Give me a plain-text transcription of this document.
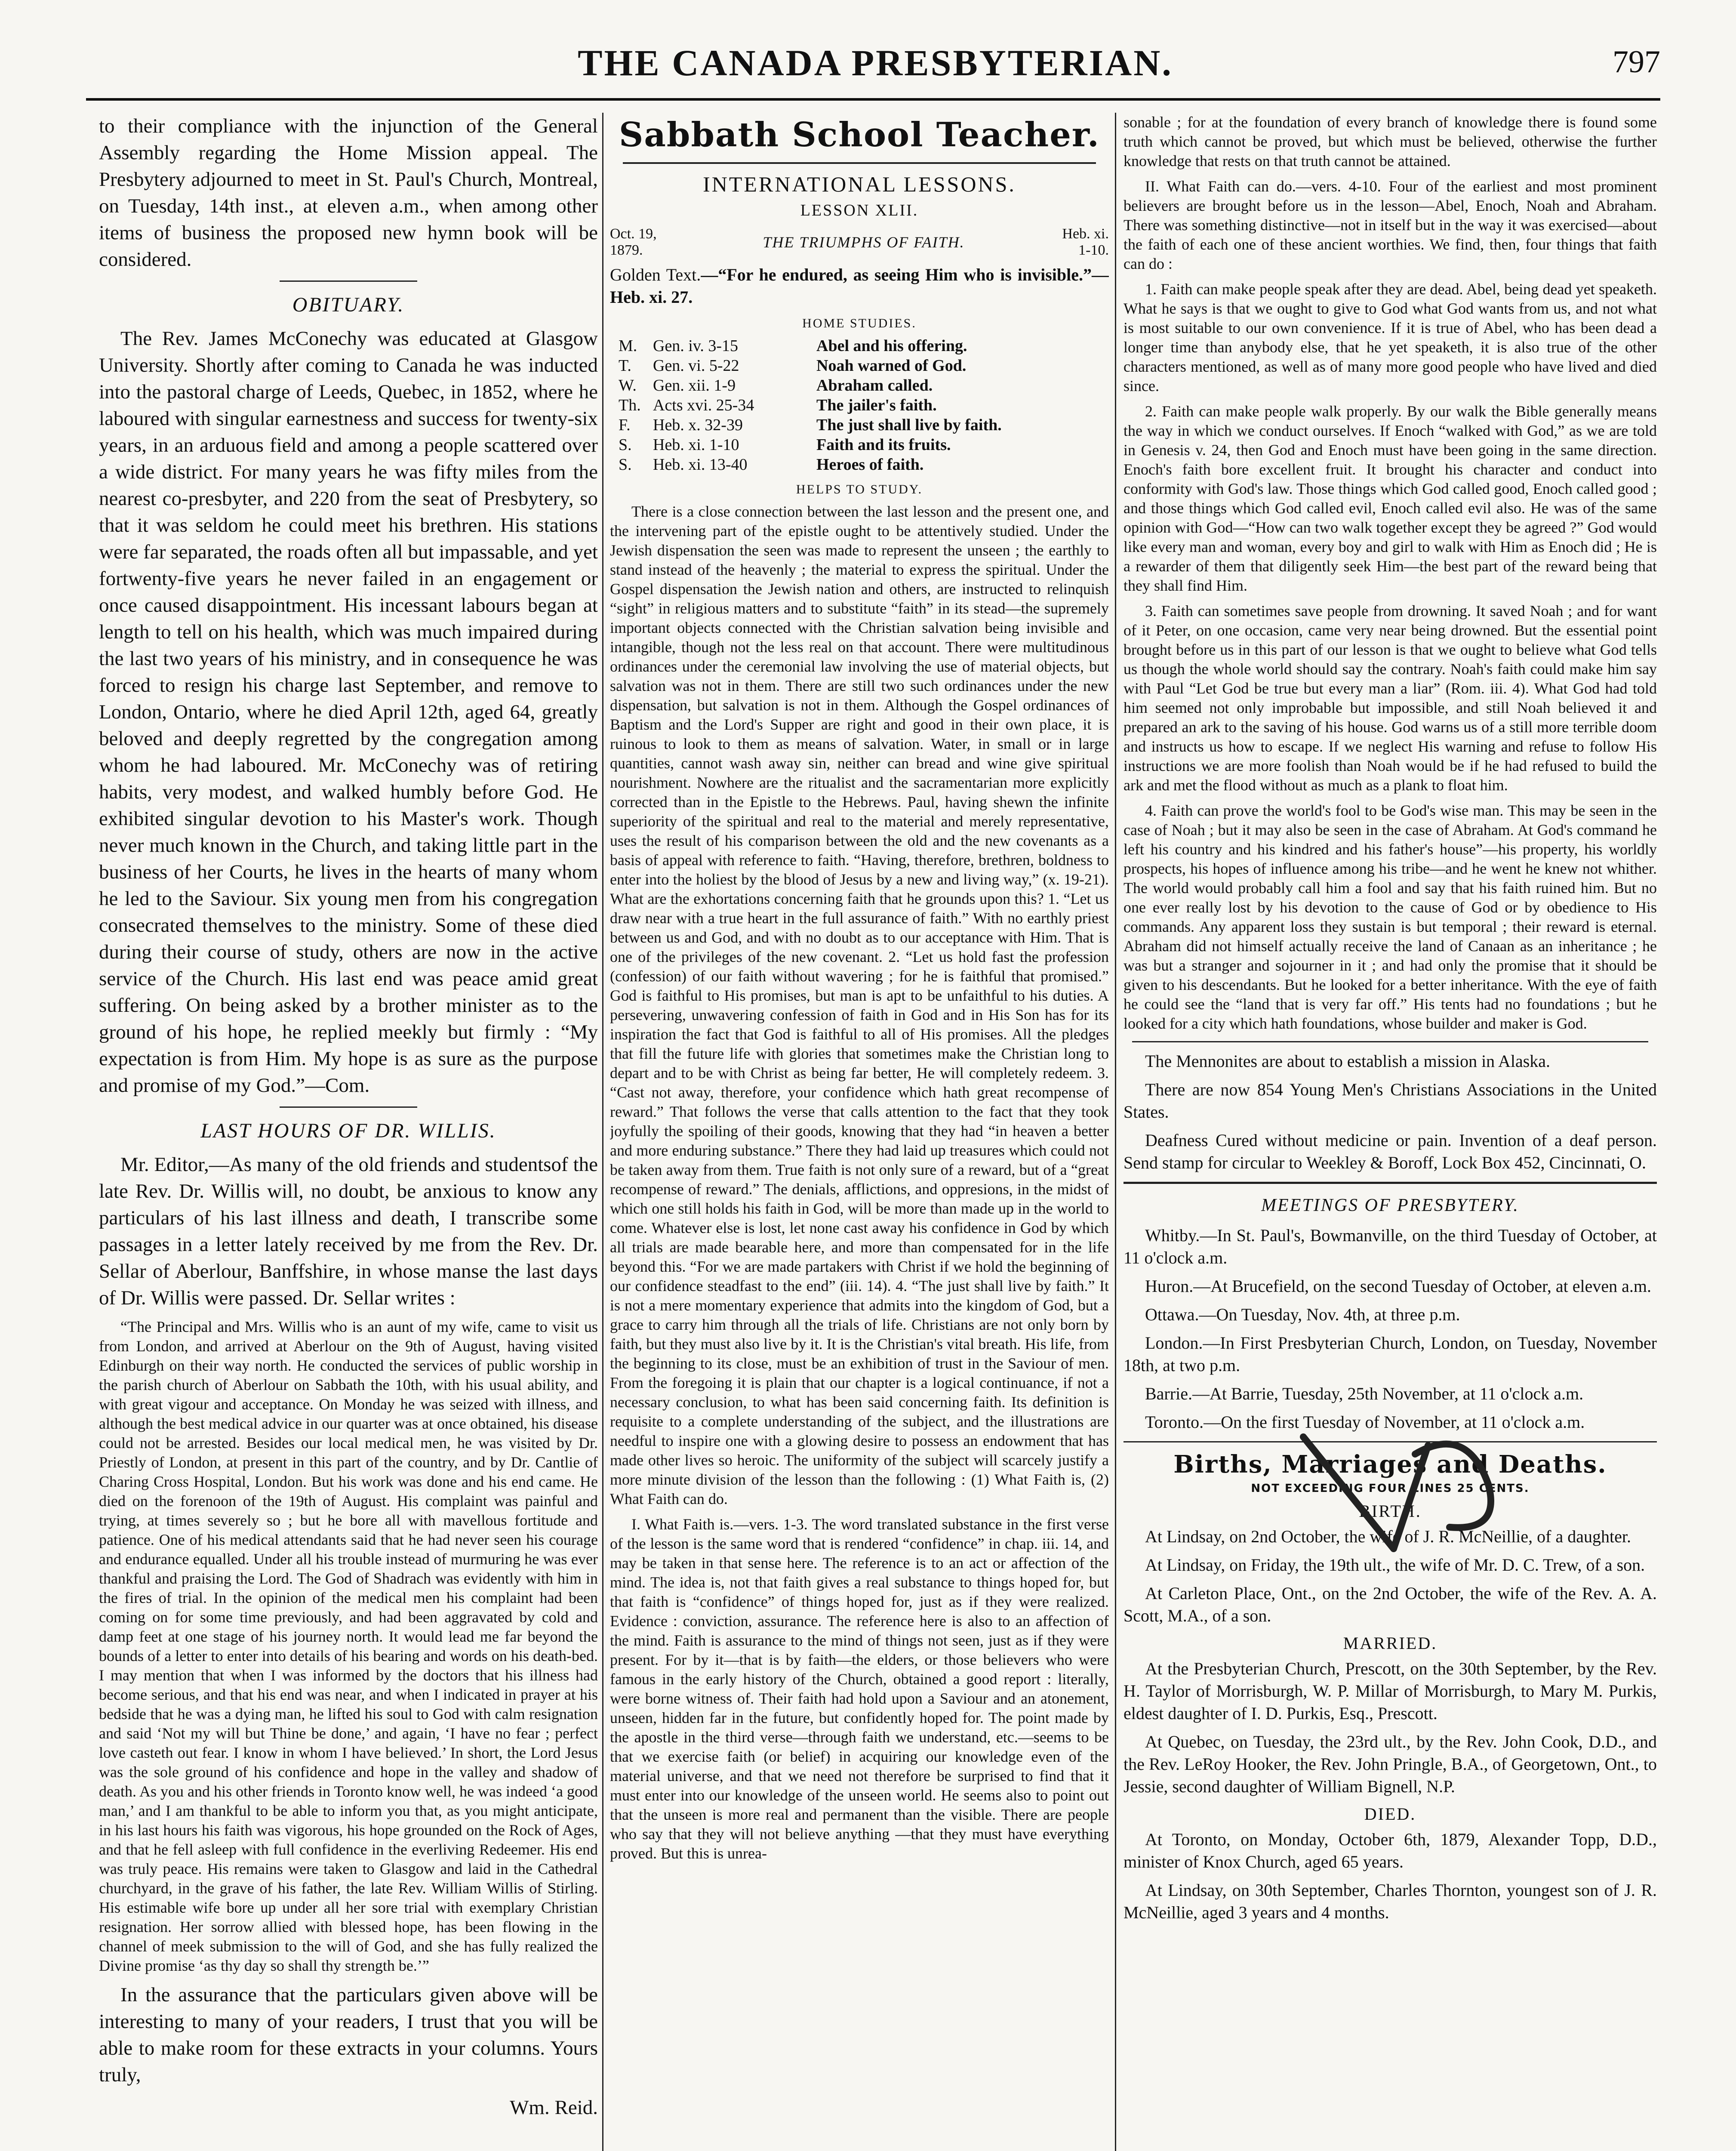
THE CANADA PRESBYTERIAN.	797

to their compliance with the injunction of the General Assembly regarding the Home Mission appeal. The Presbytery adjourned to meet in St. Paul's Church, Montreal, on Tuesday, 14th inst., at eleven a.m., when among other items of business the proposed new hymn book will be considered.

OBITUARY.

The Rev. James McConechy was educated at Glasgow University. Shortly after coming to Canada he was inducted into the pastoral charge of Leeds, Quebec, in 1852, where he laboured with singular earnestness and success for twenty-six years, in an arduous field and among a people scattered over a wide district. For many years he was fifty miles from the nearest co-presbyter, and 220 from the seat of Presbytery, so that it was seldom he could meet his brethren. His stations were far separated, the roads often all but impassable, and yet fortwenty-five years he never failed in an engagement or once caused disappointment. His incessant labours began at length to tell on his health, which was much impaired during the last two years of his ministry, and in consequence he was forced to resign his charge last September, and remove to London, Ontario, where he died April 12th, aged 64, greatly beloved and deeply regretted by the congregation among whom he had laboured. Mr. McConechy was of retiring habits, very modest, and walked humbly before God. He exhibited singular devotion to his Master's work. Though never much known in the Church, and taking little part in the business of her Courts, he lives in the hearts of many whom he led to the Saviour. Six young men from his congregation consecrated themselves to the ministry. Some of these died during their course of study, others are now in the active service of the Church. His last end was peace amid great suffering. On being asked by a brother minister as to the ground of his hope, he replied meekly but firmly : “My expectation is from Him. My hope is as sure as the purpose and promise of my God.”—Com.

LAST HOURS OF DR. WILLIS.

Mr. Editor,—As many of the old friends and studentsof the late Rev. Dr. Willis will, no doubt, be anxious to know any particulars of his last illness and death, I transcribe some passages in a letter lately received by me from the Rev. Dr. Sellar of Aberlour, Banffshire, in whose manse the last days of Dr. Willis were passed. Dr. Sellar writes :

“The Principal and Mrs. Willis who is an aunt of my wife, came to visit us from London, and arrived at Aberlour on the 9th of August, having visited Edinburgh on their way north. He conducted the services of public worship in the parish church of Aberlour on Sabbath the 10th, with his usual ability, and with great vigour and acceptance. On Monday he was seized with illness, and although the best medical advice in our quarter was at once obtained, his disease could not be arrested. Besides our local medical men, he was visited by Dr. Priestly of London, at present in this part of the country, and by Dr. Cantlie of Charing Cross Hospital, London. But his work was done and his end came. He died on the forenoon of the 19th of August. His complaint was painful and trying, at times severely so ; but he bore all with mavellous fortitude and patience. One of his medical attendants said that he had never seen his courage and endurance equalled. Under all his trouble instead of murmuring he was ever thankful and praising the Lord. The God of Shadrach was evidently with him in the fires of trial. In the opinion of the medical men his complaint had been coming on for some time previously, and had been aggravated by cold and damp feet at one stage of his journey north. It would lead me far beyond the bounds of a letter to enter into details of his bearing and words on his death-bed. I may mention that when I was informed by the doctors that his illness had become serious, and that his end was near, and when I indicated in prayer at his bedside that he was a dying man, he lifted his soul to God with calm resignation and said ‘Not my will but Thine be done,’ and again, ‘I have no fear ; perfect love casteth out fear. I know in whom I have believed.’ In short, the Lord Jesus was the sole ground of his confidence and hope in the valley and shadow of death. As you and his other friends in Toronto know well, he was indeed ‘a good man,’ and I am thankful to be able to inform you that, as you might anticipate, in his last hours his faith was vigorous, his hope grounded on the Rock of Ages, and that he fell asleep with full confidence in the everliving Redeemer. His end was truly peace. His remains were taken to Glasgow and laid in the Cathedral churchyard, in the grave of his father, the late Rev. William Willis of Stirling. His estimable wife bore up under all her sore trial with exemplary Christian resignation. Her sorrow allied with blessed hope, has been flowing in the channel of meek submission to the will of God, and she has fully realized the Divine promise ‘as thy day so shall thy strength be.’”

In the assurance that the particulars given above will be interesting to many of your readers, I trust that you will be able to make room for these extracts in your columns. Yours truly,

Wm. Reid.
Sabbath School Teacher.
INTERNATIONAL LESSONS.
LESSON XLII.
Oct. 19, 1879.	THE TRIUMPHS OF FAITH.	Heb. xi. 1-10.

Golden Text.—“For he endured, as seeing Him who is invisible.”—Heb. xi. 27.

HOME STUDIES.
M. Gen. iv. 3-15	Abel and his offering.
T.	Gen. vi. 5-22	Noah warned of God.
W.	Gen. xii. 1-9	Abraham called.
Th. Acts xvi. 25-34	The jailer's faith.
F.	Heb. x. 32-39	The just shall live by faith.
S.	Heb. xi. 1-10	Faith and its fruits.
S.	Heb. xi. 13-40	Heroes of faith.
HELPS TO STUDY.

There is a close connection between the last lesson and the present one, and the intervening part of the epistle ought to be attentively studied. Under the Jewish dispensation the seen was made to represent the unseen ; the earthly to stand instead of the heavenly ; the material to express the spiritual. Under the Gospel dispensation the Jewish nation and others, are instructed to relinquish “sight” in religious matters and to substitute “faith” in its stead—the supremely important objects connected with the Christian salvation being invisible and intangible, though not the less real on that account. There were multitudinous ordinances under the ceremonial law involving the use of material objects, but salvation was not in them. There are still two such ordinances under the new dispensation, but salvation is not in them. Although the Gospel ordinances of Baptism and the Lord's Supper are right and good in their own place, it is ruinous to look to them as means of salvation. Water, in small or in large quantities, cannot wash away sin, neither can bread and wine give spiritual nourishment. Nowhere are the ritualist and the sacramentarian more explicitly corrected than in the Epistle to the Hebrews. Paul, having shewn the infinite superiority of the spiritual and real to the material and merely representative, uses the result of his comparison between the old and the new covenants as a basis of appeal with reference to faith. “Having, therefore, brethren, boldness to enter into the holiest by the blood of Jesus by a new and living way,” (x. 19-21). What are the exhortations concerning faith that he grounds upon this? 1. “Let us draw near with a true heart in the full assurance of faith.” With no earthly priest between us and God, and with no doubt as to our acceptance with Him. That is one of the privileges of the new covenant. 2. “Let us hold fast the profession (confession) of our faith without wavering ; for he is faithful that promised.” God is faithful to His promises, but man is apt to be unfaithful to his duties. A persevering, unwavering confession of faith in God and in His Son has for its inspiration the fact that God is faithful to all of His promises. All the pledges that fill the future life with glories that sometimes make the Christian long to depart and to be with Christ as being far better, He will completely redeem. 3. “Cast not away, therefore, your confidence which hath great recompense of reward.” That follows the verse that calls attention to the fact that they took joyfully the spoiling of their goods, knowing that they had “in heaven a better and more enduring substance.” There they had laid up treasures which could not be taken away from them. True faith is not only sure of a reward, but of a “great recompense of reward.” The denials, afflictions, and oppresions, in the midst of which one still holds his faith in God, will be more than made up in the world to come. Whatever else is lost, let none cast away his confidence in God by which all trials are made bearable here, and more than compensated for in the life beyond this. “For we are made partakers with Christ if we hold the beginning of our confidence steadfast to the end” (iii. 14). 4. “The just shall live by faith.” It is not a mere momentary experience that admits into the kingdom of God, but a grace to carry him through all the trials of life. Christians are not only born by faith, but they must also live by it. It is the Christian's vital breath. His life, from the beginning to its close, must be an exhibition of trust in the Saviour of men. From the foregoing it is plain that our chapter is a logical continuance, if not a necessary conclusion, to what has been said concerning faith. Its definition is requisite to a complete understanding of the subject, and the illustrations are needful to inspire one with a glowing desire to possess an endowment that has made other lives so heroic. The uniformity of the subject will scarcely justify a more minute division of the lesson than the following : (1) What Faith is, (2) What Faith can do.

I. What Faith is.—vers. 1-3. The word translated substance in the first verse of the lesson is the same word that is rendered “confidence” in chap. iii. 14, and may be taken in that sense here. The reference is to an act or affection of the mind. The idea is, not that faith gives a real substance to things hoped for, but that faith is “confidence” of things hoped for, just as if they were realized. Evidence : conviction, assurance. The reference here is also to an affection of the mind. Faith is assurance to the mind of things not seen, just as if they were present. For by it—that is by faith—the elders, or those believers who were famous in the early history of the Church, obtained a good report : literally, were borne witness of. Their faith had hold upon a Saviour and an atonement, unseen, hidden far in the future, but confidently hoped for. The point made by the apostle in the third verse—through faith we understand, etc.—seems to be that we exercise faith (or belief) in acquiring our knowledge even of the material universe, and that we need not therefore be surprised to find that it must enter into our knowledge of the unseen world. He seems also to point out that the unseen is more real and permanent than the visible. There are people who say that they will not believe anything —that they must have everything proved. But this is unrea-

sonable ; for at the foundation of every branch of knowledge there is found some truth which cannot be proved, but which must be believed, otherwise the further knowledge that rests on that truth cannot be attained.

II. What Faith can do.—vers. 4-10. Four of the earliest and most prominent believers are brought before us in the lesson—Abel, Enoch, Noah and Abraham. There was something distinctive—not in itself but in the way it was exercised—about the faith of each one of these ancient worthies. We find, then, four things that faith can do :

1. Faith can make people speak after they are dead. Abel, being dead yet speaketh. What he says is that we ought to give to God what God wants from us, and not what is most suitable to our own convenience. If it is true of Abel, who has been dead a longer time than anybody else, that he yet speaketh, it is also true of the other characters mentioned, as well as of many more good people who have lived and died since.

2. Faith can make people walk properly. By our walk the Bible generally means the way in which we conduct ourselves. If Enoch “walked with God,” as we are told in Genesis v. 24, then God and Enoch must have been going in the same direction. Enoch's faith bore excellent fruit. It brought his character and conduct into conformity with God's law. Those things which God called good, Enoch called good ; and those things which God called evil, Enoch called evil also. He was of the same opinion with God—“How can two walk together except they be agreed ?” God would like every man and woman, every boy and girl to walk with Him as Enoch did ; He is a rewarder of them that diligently seek Him—the best part of the reward being that they shall find Him.

3. Faith can sometimes save people from drowning. It saved Noah ; and for want of it Peter, on one occasion, came very near being drowned. But the essential point brought before us in this part of our lesson is that we ought to believe what God tells us though the whole world should say the contrary. Noah's faith could make him say with Paul “Let God be true but every man a liar” (Rom. iii. 4). What God had told him seemed not only improbable but impossible, and still Noah believed it and prepared an ark to the saving of his house. God warns us of a still more terrible doom and instructs us how to escape. If we neglect His warning and refuse to follow His instructions we are more foolish than Noah would be if he had refused to build the ark and met the flood without as much as a plank to float him.

4. Faith can prove the world's fool to be God's wise man. This may be seen in the case of Noah ; but it may also be seen in the case of Abraham. At God's command he left his country and his kindred and his father's house”—his property, his worldly prospects, his hopes of influence among his tribe—and he went he knew not whither. The world would probably call him a fool and say that his faith ruined him. But no one ever really lost by his devotion to the cause of God or by obedience to His commands. Any apparent loss they sustain is but temporal ; their reward is eternal. Abraham did not himself actually receive the land of Canaan as an inheritance ; he was but a stranger and sojourner in it ; and had only the promise that it should be given to his descendants. But he looked for a better inheritance. With the eye of faith he could see the “land that is very far off.” His tents had no foundations ; but he looked for a city which hath foundations, whose builder and maker is God.

The Mennonites are about to establish a mission in Alaska.

There are now 854 Young Men's Christians Associations in the United States.

Deafness Cured without medicine or pain. Invention of a deaf person. Send stamp for circular to Weekley & Boroff, Lock Box 452, Cincinnati, O.

MEETINGS OF PRESBYTERY.

Whitby.—In St. Paul's, Bowmanville, on the third Tuesday of October, at 11 o'clock a.m.

Huron.—At Brucefield, on the second Tuesday of October, at eleven a.m.

Ottawa.—On Tuesday, Nov. 4th, at three p.m.

London.—In First Presbyterian Church, London, on Tuesday, November 18th, at two p.m.

Barrie.—At Barrie, Tuesday, 25th November, at 11 o'clock a.m.

Toronto.—On the first Tuesday of November, at 11 o'clock a.m.

Births, Marriages and Deaths.
NOT EXCEEDING FOUR LINES 25 CENTS.
BIRTH.

At Lindsay, on 2nd October, the wife of J. R. McNeillie, of a daughter.

At Lindsay, on Friday, the 19th ult., the wife of Mr. D. C. Trew, of a son.

At Carleton Place, Ont., on the 2nd October, the wife of the Rev. A. A. Scott, M.A., of a son.

MARRIED.

At the Presbyterian Church, Prescott, on the 30th September, by the Rev. H. Taylor of Morrisburgh, W. P. Millar of Morrisburgh, to Mary M. Purkis, eldest daughter of I. D. Purkis, Esq., Prescott.

At Quebec, on Tuesday, the 23rd ult., by the Rev. John Cook, D.D., and the Rev. LeRoy Hooker, the Rev. John Pringle, B.A., of Georgetown, Ont., to Jessie, second daughter of William Bignell, N.P.

DIED.

At Toronto, on Monday, October 6th, 1879, Alexander Topp, D.D., minister of Knox Church, aged 65 years.

At Lindsay, on 30th September, Charles Thornton, youngest son of J. R. McNeillie, aged 3 years and 4 months.
